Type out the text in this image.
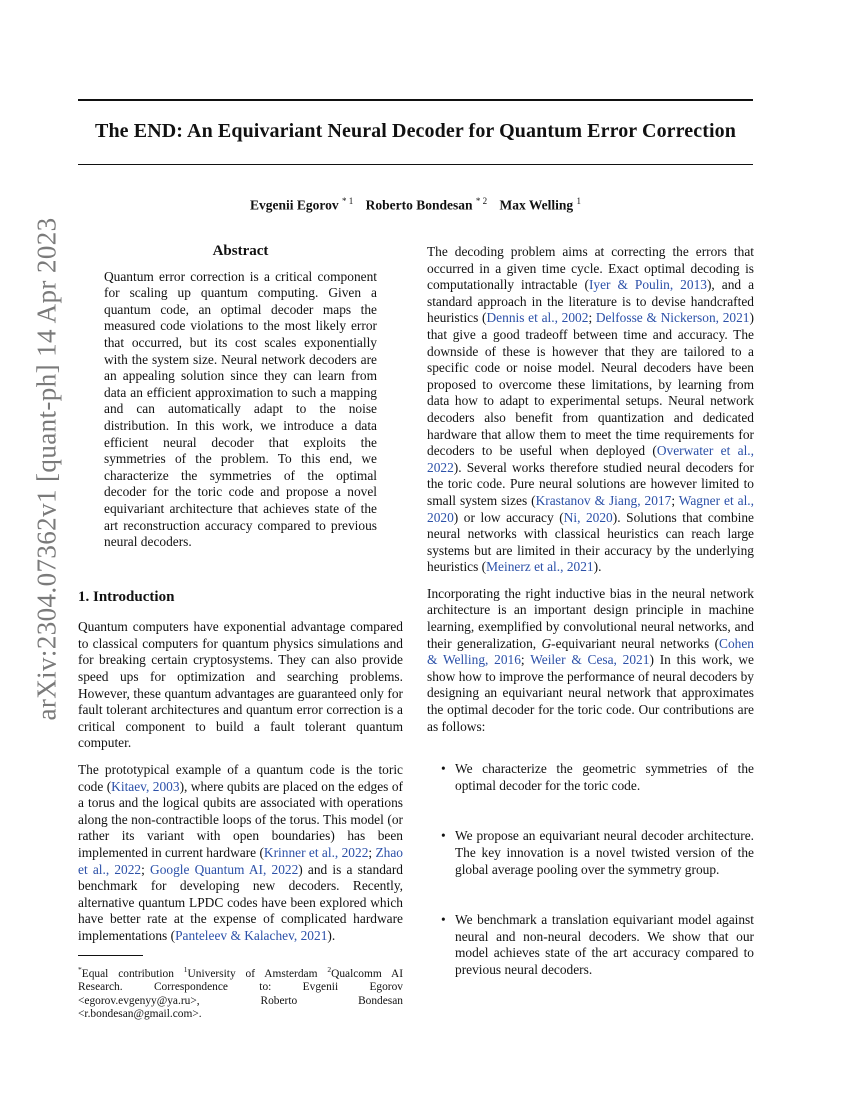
The END: An Equivariant Neural Decoder for Quantum Error Correction
Evgenii Egorov $^{* 1}$ Roberto Bondesan $^{* 2}$ Max Welling $^1$
arXiv:2304.07362v1 [quant-ph] 14 Apr 2023	Abstract
Quantum error correction is a critical component for scaling up quantum computing. Given a quantum code, an optimal decoder maps the measured code violations to the most likely error that occurred, but its cost scales exponentially with the system size. Neural network decoders are an appealing solution since they can learn from data an efficient approximation to such a mapping and can automatically adapt to the noise distribution. In this work, we introduce a data efficient neural decoder that exploits the symmetries of the problem. To this end, we characterize the symmetries of the optimal decoder for the toric code and propose a novel equivariant architecture that achieves state of the art reconstruction accuracy compared to previous neural decoders.
1. Introduction

Quantum computers have exponential advantage compared to classical computers for quantum physics simulations and for breaking certain cryptosystems. They can also provide speed ups for optimization and searching problems. However, these quantum advantages are guaranteed only for fault tolerant architectures and quantum error correction is a critical component to build a fault tolerant quantum computer.

The prototypical example of a quantum code is the toric code (Kitaev, 2003), where qubits are placed on the edges of a torus and the logical qubits are associated with operations along the non-contractible loops of the torus. This model (or rather its variant with open boundaries) has been implemented in current hardware (Krinner et al., 2022; Zhao et al., 2022; Google Quantum AI, 2022) and is a standard benchmark for developing new decoders. Recently, alternative quantum LPDC codes have been explored which have better rate at the expense of complicated hardware implementations (Panteleev & Kalachev, 2021).

*Equal contribution $^1$University of Amsterdam $^2$Qualcomm AI Research. Correspondence to: Evgenii Egorov <egorov.evgenyy@ya.ru>, Roberto Bondesan <r.bondesan@gmail.com>.

The decoding problem aims at correcting the errors that occurred in a given time cycle. Exact optimal decoding is computationally intractable (Iyer & Poulin, 2013), and a standard approach in the literature is to devise handcrafted heuristics (Dennis et al., 2002; Delfosse & Nickerson, 2021) that give a good tradeoff between time and accuracy. The downside of these is however that they are tailored to a specific code or noise model. Neural decoders have been proposed to overcome these limitations, by learning from data how to adapt to experimental setups. Neural network decoders also benefit from quantization and dedicated hardware that allow them to meet the time requirements for decoders to be useful when deployed (Overwater et al., 2022). Several works therefore studied neural decoders for the toric code. Pure neural solutions are however limited to small system sizes (Krastanov & Jiang, 2017; Wagner et al., 2020) or low accuracy (Ni, 2020). Solutions that combine neural networks with classical heuristics can reach large systems but are limited in their accuracy by the underlying heuristics (Meinerz et al., 2021).

Incorporating the right inductive bias in the neural network architecture is an important design principle in machine learning, exemplified by convolutional neural networks, and their generalization, G-equivariant neural networks (Cohen & Welling, 2016; Weiler & Cesa, 2021) In this work, we show how to improve the performance of neural decoders by designing an equivariant neural network that approximates the optimal decoder for the toric code. Our contributions are as follows:

• We characterize the geometric symmetries of the optimal decoder for the toric code.
• We propose an equivariant neural decoder architecture. The key innovation is a novel twisted version of the global average pooling over the symmetry group.
• We benchmark a translation equivariant model against neural and non-neural decoders. We show that our model achieves state of the art accuracy compared to previous neural decoders.
